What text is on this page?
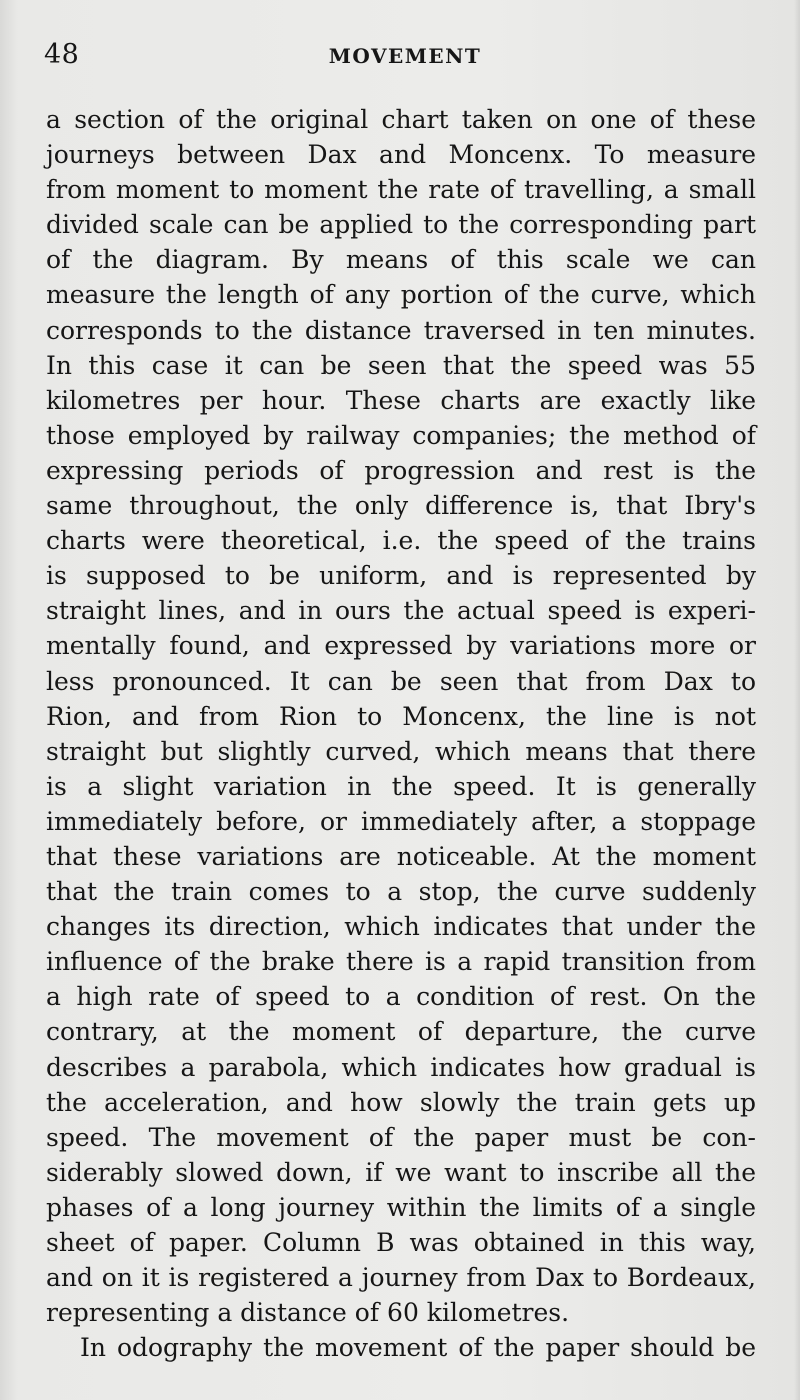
48	MOVEMENT
a section of the original chart taken on one of these
journeys between Dax and Moncenx. To measure
from moment to moment the rate of travelling, a small
divided scale can be applied to the corresponding part
of the diagram. By means of this scale we can
measure the length of any portion of the curve, which
corresponds to the distance traversed in ten minutes.
In this case it can be seen that the speed was 55
kilometres per hour. These charts are exactly like
those employed by railway companies; the method of
expressing periods of progression and rest is the
same throughout, the only difference is, that Ibry's
charts were theoretical, i.e. the speed of the trains
is supposed to be uniform, and is represented by
straight lines, and in ours the actual speed is experi-
mentally found, and expressed by variations more or
less pronounced. It can be seen that from Dax to
Rion, and from Rion to Moncenx, the line is not
straight but slightly curved, which means that there
is a slight variation in the speed. It is generally
immediately before, or immediately after, a stoppage
that these variations are noticeable. At the moment
that the train comes to a stop, the curve suddenly
changes its direction, which indicates that under the
influence of the brake there is a rapid transition from
a high rate of speed to a condition of rest. On the
contrary, at the moment of departure, the curve
describes a parabola, which indicates how gradual is
the acceleration, and how slowly the train gets up
speed. The movement of the paper must be con-
siderably slowed down, if we want to inscribe all the
phases of a long journey within the limits of a single
sheet of paper. Column B was obtained in this way,
and on it is registered a journey from Dax to Bordeaux,
representing a distance of 60 kilometres.
In odography the movement of the paper should be
